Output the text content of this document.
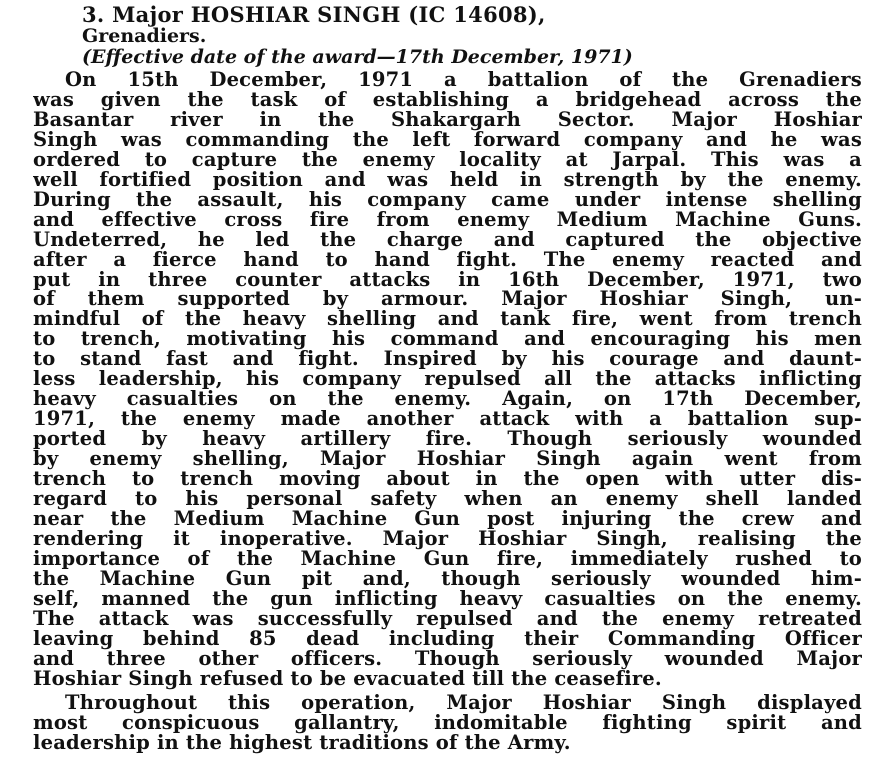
3. Major HOSHIAR SINGH (IC 14608),
Grenadiers.
(Effective date of the award—17th December, 1971)
On 15th December, 1971 a battalion of the Grenadiers
was given the task of establishing a bridgehead across the
Basantar river in the Shakargarh Sector. Major Hoshiar
Singh was commanding the left forward company and he was
ordered to capture the enemy locality at Jarpal. This was a
well fortified position and was held in strength by the enemy.
During the assault, his company came under intense shelling
and effective cross fire from enemy Medium Machine Guns.
Undeterred, he led the charge and captured the objective
after a fierce hand to hand fight. The enemy reacted and
put in three counter attacks in 16th December, 1971, two
of them supported by armour. Major Hoshiar Singh, un-
mindful of the heavy shelling and tank fire, went from trench
to trench, motivating his command and encouraging his men
to stand fast and fight. Inspired by his courage and daunt-
less leadership, his company repulsed all the attacks inflicting
heavy casualties on the enemy. Again, on 17th December,
1971, the enemy made another attack with a battalion sup-
ported by heavy artillery fire. Though seriously wounded
by enemy shelling, Major Hoshiar Singh again went from
trench to trench moving about in the open with utter dis-
regard to his personal safety when an enemy shell landed
near the Medium Machine Gun post injuring the crew and
rendering it inoperative. Major Hoshiar Singh, realising the
importance of the Machine Gun fire, immediately rushed to
the Machine Gun pit and, though seriously wounded him-
self, manned the gun inflicting heavy casualties on the enemy.
The attack was successfully repulsed and the enemy retreated
leaving behind 85 dead including their Commanding Officer
and three other officers. Though seriously wounded Major
Hoshiar Singh refused to be evacuated till the ceasefire.
Throughout this operation, Major Hoshiar Singh displayed
most conspicuous gallantry, indomitable fighting spirit and
leadership in the highest traditions of the Army.
